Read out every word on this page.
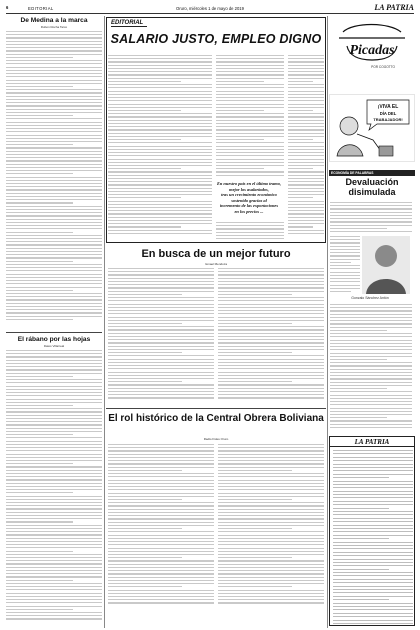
6	EDITORIAL	Oruro, miércoles 1 de mayo de 2019	LA PATRIA
De Medina a la marca
Rubén Rocha Tarco
El rábano por las hojas
Datos Villarreal
EDITORIAL
SALARIO JUSTO, EMPLEO DIGNO
En nuestro país en el último tramo,
mejor los asalariados,
tras un crecimiento económico
sostenido gracias al
incremento de las exportaciones
en los precios ...
En busca de un mejor futuro
Ismael Mendoza
El rol histórico de la Central Obrera Boliviana
Radio Fides Oruro
Picadas
POR COGOTTO
¡VIVA EL
DÍA DEL
TRABAJADOR!
ECONOMÍA DE PALABRAS
Devaluación disimulada
Gonzalo Sánchez Antón
LA PATRIA
